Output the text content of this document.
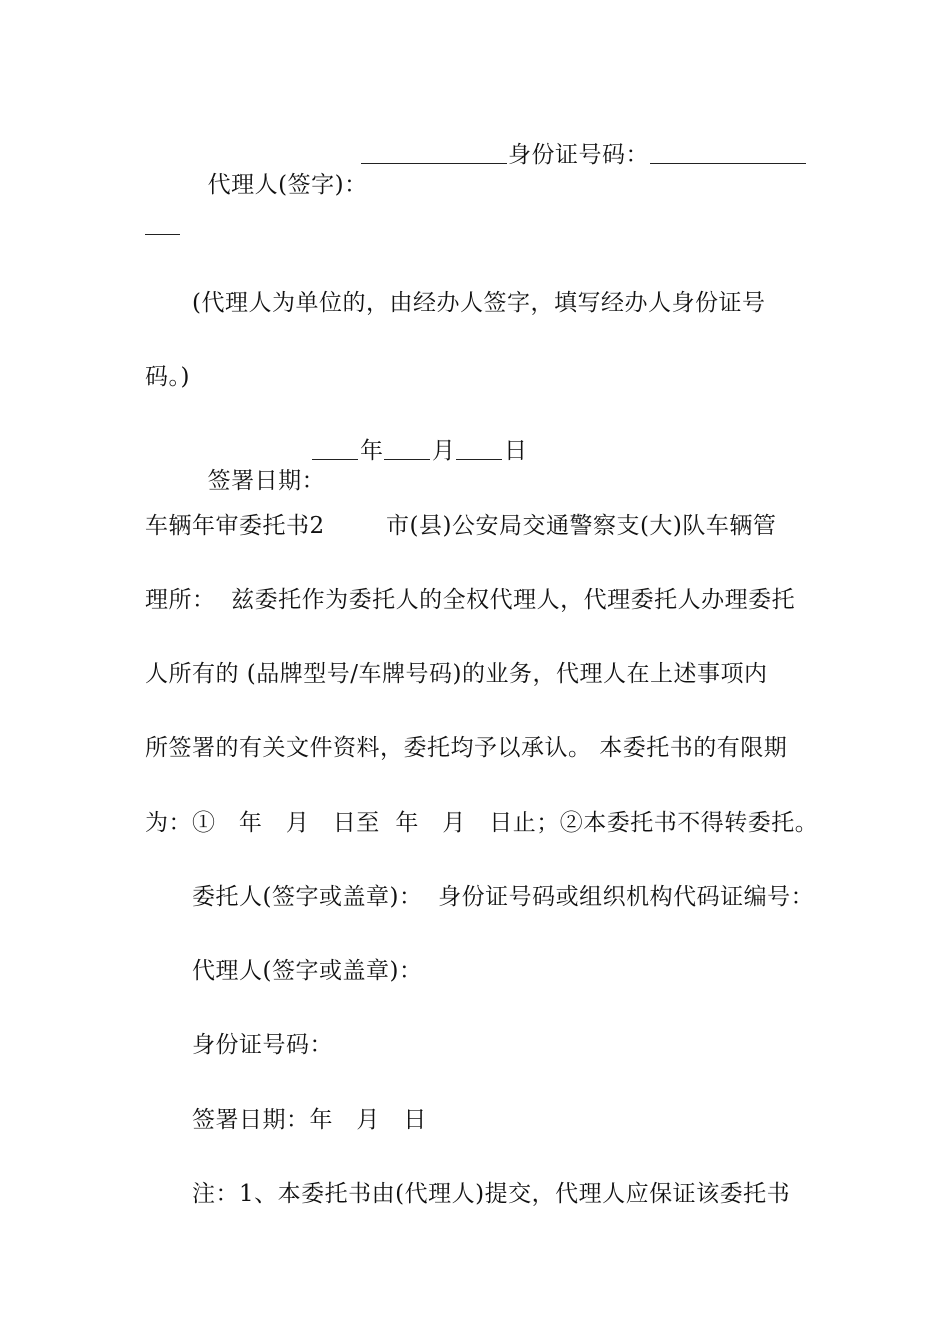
代理人(签字)：

身份证号码：
(代理人为单位的，由经办人签字，填写经办人身份证号
码。)

签署日期：

年 月 日
车辆年审委托书2	市(县)公安局交通警察支(大)队车辆管
理所：  兹委托作为委托人的全权代理人，代理委托人办理委托
人所有的 (品牌型号/车牌号码)的业务，代理人在上述事项内
所签署的有关文件资料，委托均予以承认。 本委托书的有限期
为：①   年   月   日至  年   月   日止；②本委托书不得转委托。
委托人(签字或盖章)：  身份证号码或组织机构代码证编号：
代理人(签字或盖章)：
身份证号码：
签署日期：年   月   日
注：1、本委托书由(代理人)提交，代理人应保证该委托书
